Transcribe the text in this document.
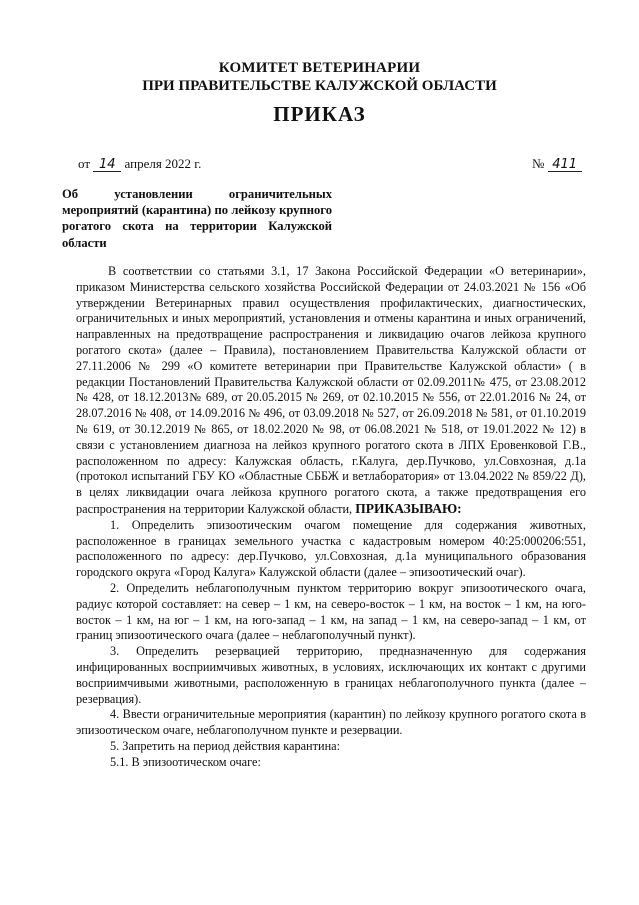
КОМИТЕТ ВЕТЕРИНАРИИ
ПРИ ПРАВИТЕЛЬСТВЕ КАЛУЖСКОЙ ОБЛАСТИ
ПРИКАЗ
от 14 апреля 2022 г.	№ 411
Об установлении ограничительных мероприятий (карантина) по лейкозу крупного рогатого скота на территории Калужской области

В соответствии со статьями 3.1, 17 Закона Российской Федерации «О ветеринарии», приказом Министерства сельского хозяйства Российской Федерации от 24.03.2021 № 156 «Об утверждении Ветеринарных правил осуществления профилактических, диагностических, ограничительных и иных мероприятий, установления и отмены карантина и иных ограничений, направленных на предотвращение распространения и ликвидацию очагов лейкоза крупного рогатого скота» (далее – Правила), постановлением Правительства Калужской области от 27.11.2006 № 299 «О комитете ветеринарии при Правительстве Калужской области» ( в редакции Постановлений Правительства Калужской области от 02.09.2011№ 475, от 23.08.2012 № 428, от 18.12.2013№ 689, от 20.05.2015 № 269, от 02.10.2015 № 556, от 22.01.2016 № 24, от 28.07.2016 № 408, от 14.09.2016 № 496, от 03.09.2018 № 527, от 26.09.2018 № 581, от 01.10.2019 № 619, от 30.12.2019 № 865, от 18.02.2020 № 98, от 06.08.2021 № 518, от 19.01.2022 № 12) в связи с установлением диагноза на лейкоз крупного рогатого скота в ЛПХ Еровенковой Г.В., расположенном по адресу: Калужская область, г.Калуга, дер.Пучково, ул.Совхозная, д.1а (протокол испытаний ГБУ КО «Областные СББЖ и ветлаборатория» от 13.04.2022 № 859/22 Д), в целях ликвидации очага лейкоза крупного рогатого скота, а также предотвращения его распространения на территории Калужской области, ПРИКАЗЫВАЮ:

1. Определить эпизоотическим очагом помещение для содержания животных, расположенное в границах земельного участка с кадастровым номером 40:25:000206:551, расположенного по адресу: дер.Пучково, ул.Совхозная, д.1а муниципального образования городского округа «Город Калуга» Калужской области (далее – эпизоотический очаг).

2. Определить неблагополучным пунктом территорию вокруг эпизоотического очага, радиус которой составляет: на север – 1 км, на северо-восток – 1 км, на восток – 1 км, на юго-восток – 1 км, на юг – 1 км, на юго-запад – 1 км, на запад – 1 км, на северо-запад – 1 км, от границ эпизоотического очага (далее – неблагополучный пункт).

3. Определить резервацией территорию, предназначенную для содержания инфицированных восприимчивых животных, в условиях, исключающих их контакт с другими восприимчивыми животными, расположенную в границах неблагополучного пункта (далее – резервация).

4. Ввести ограничительные мероприятия (карантин) по лейкозу крупного рогатого скота в эпизоотическом очаге, неблагополучном пункте и резервации.

5. Запретить на период действия карантина:

5.1. В эпизоотическом очаге:
